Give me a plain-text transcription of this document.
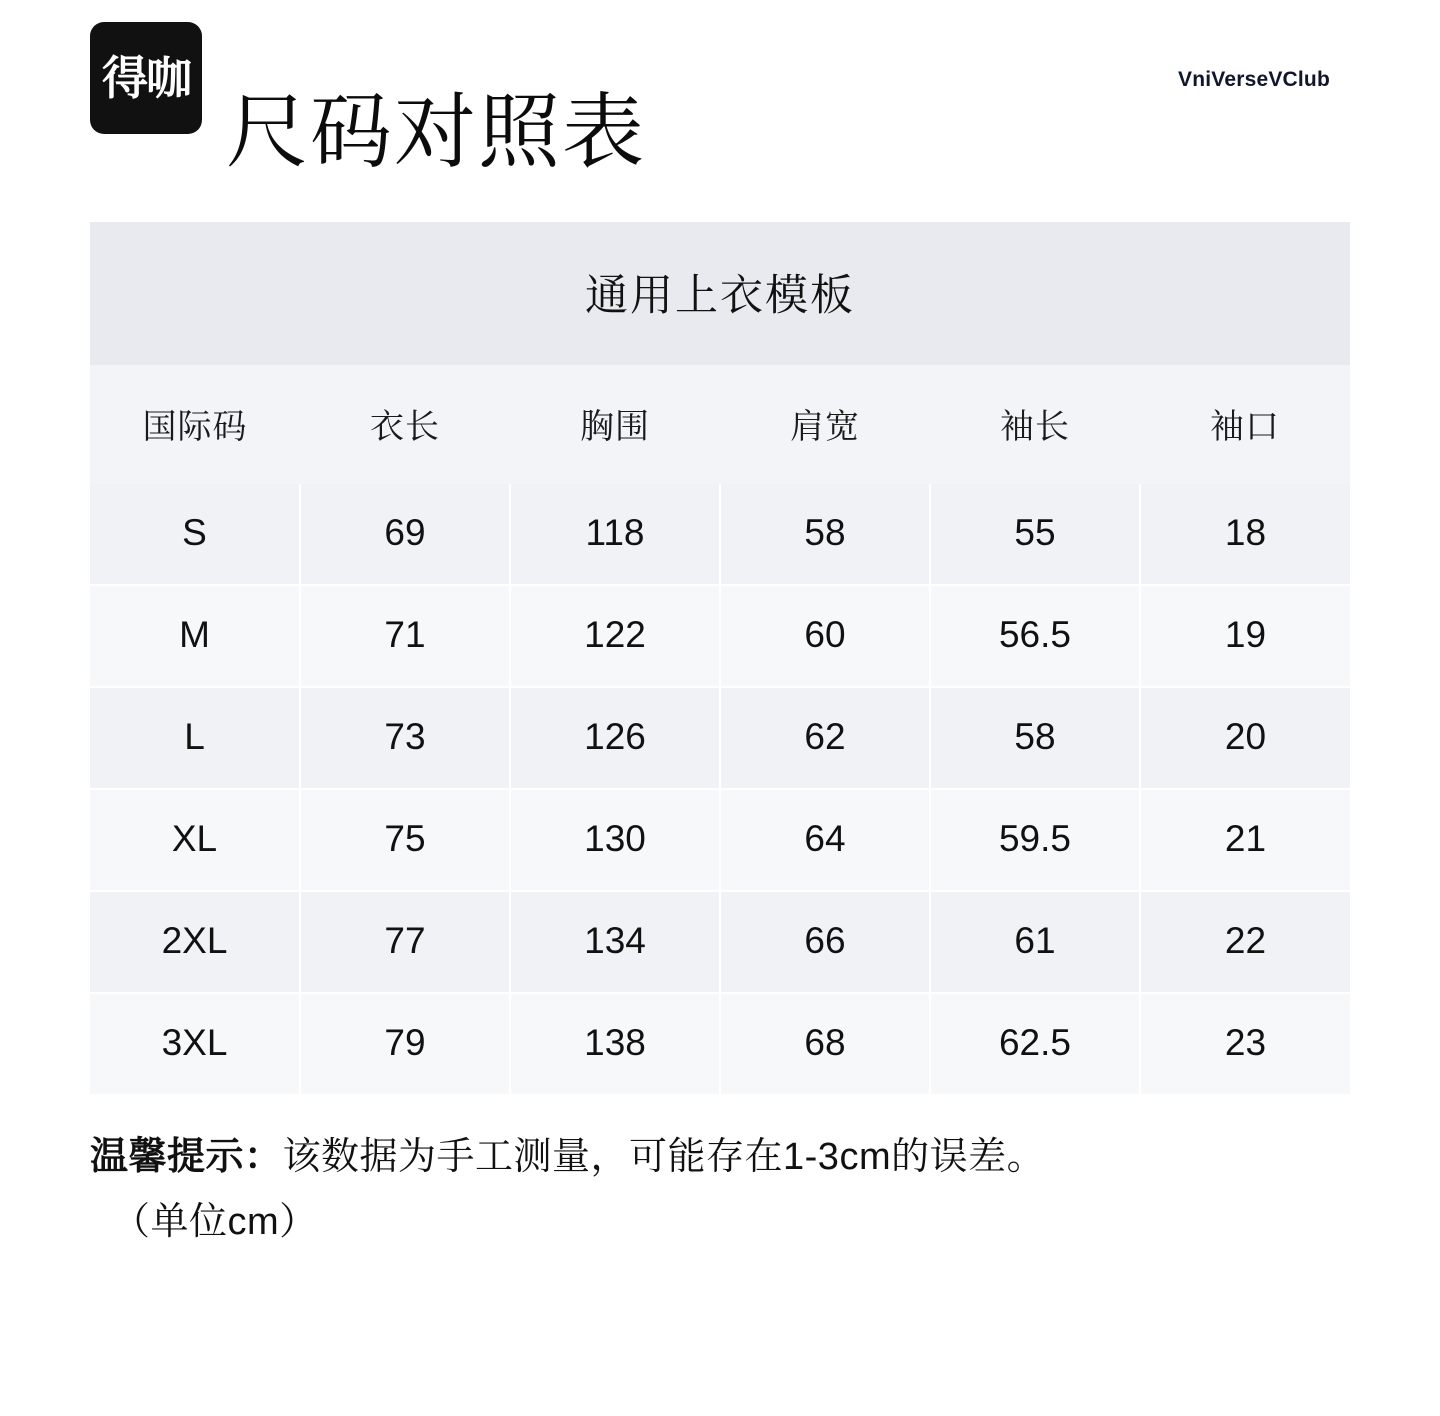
得咖
尺码对照表
VniVerseVClub
通用上衣模板
国际码	衣长	胸围	肩宽	袖长	袖口
S	69	118	58	55	18
M	71	122	60	56.5	19
L	73	126	62	58	20
XL	75	130	64	59.5	21
2XL	77	134	66	61	22
3XL	79	138	68	62.5	23
温馨提示：该数据为手工测量，可能存在1-3cm的误差。
（单位cm）
